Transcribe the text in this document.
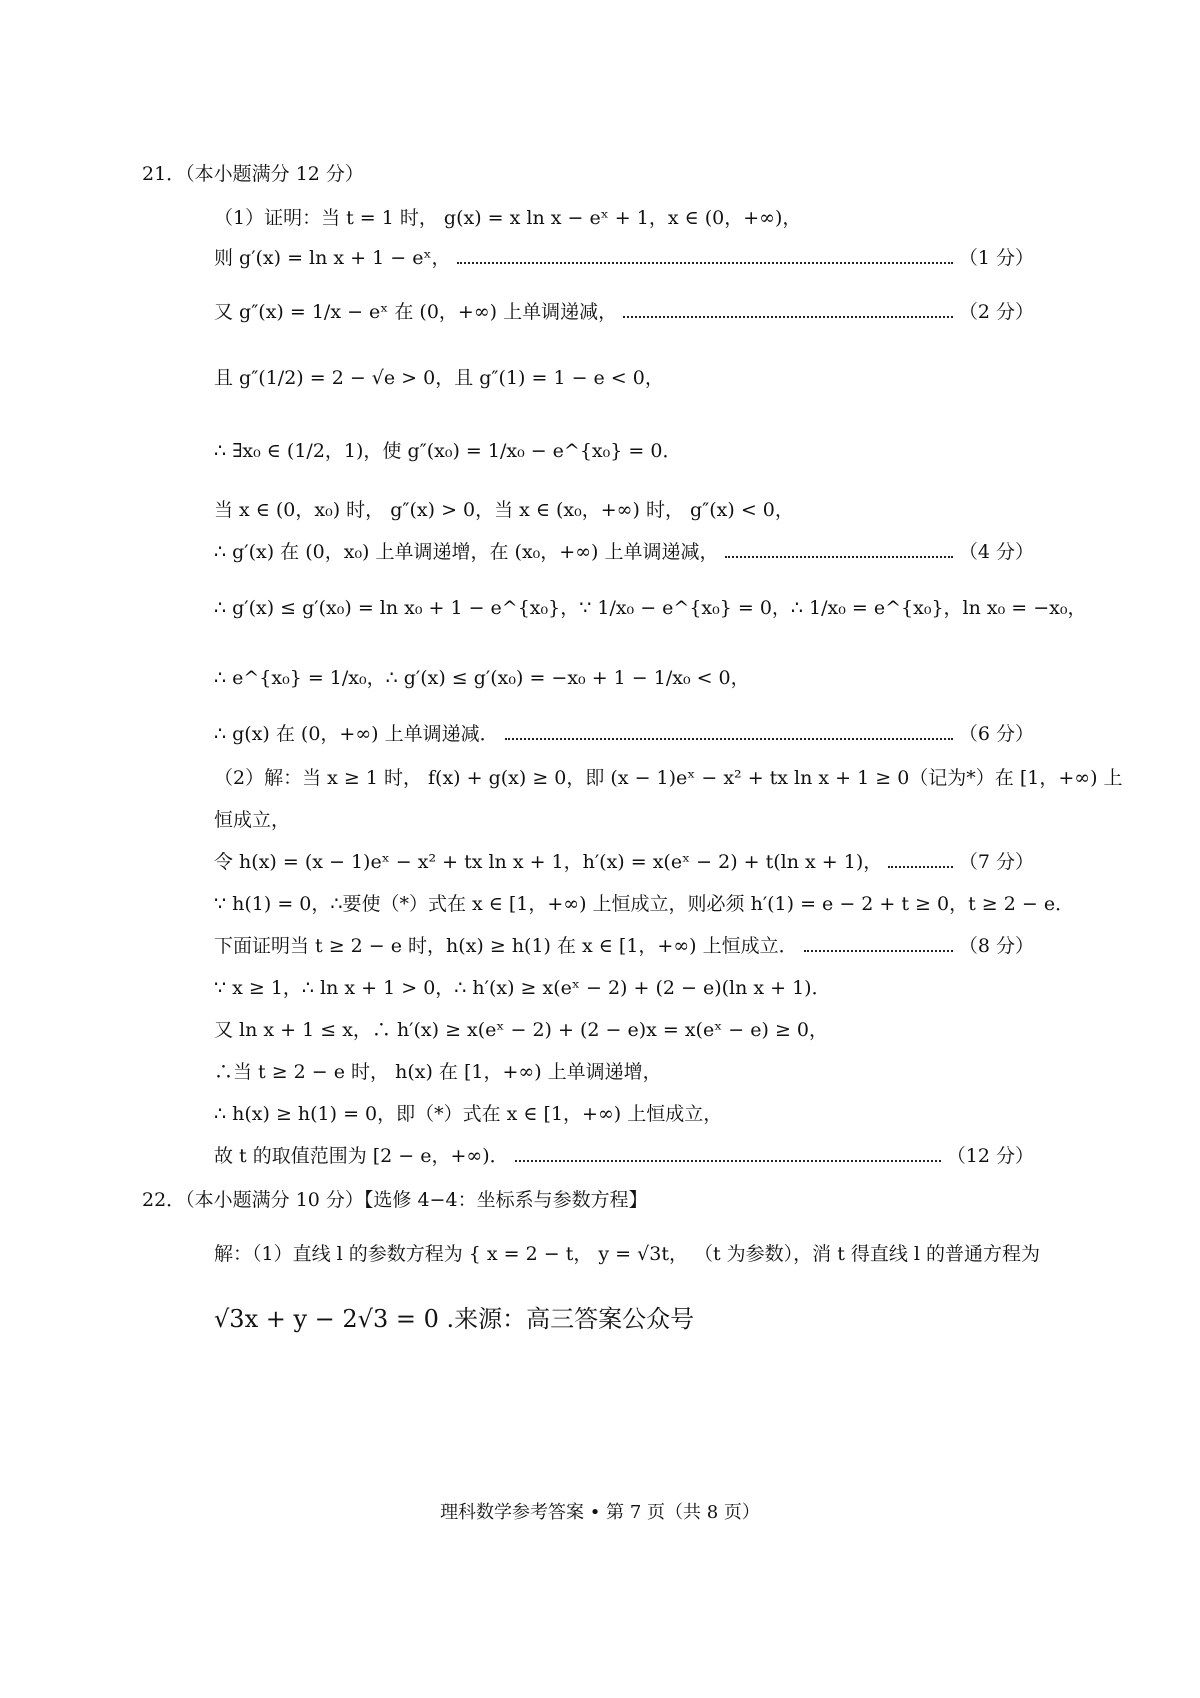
21．（本小题满分 12 分）
（1）证明：当 t = 1 时， g(x) = x ln x − eˣ + 1，x ∈ (0，+∞)，
则 g′(x) = ln x + 1 − eˣ，	（1 分）
又 g″(x) = 1/x − eˣ 在 (0，+∞) 上单调递减，	（2 分）
且 g″(1/2) = 2 − √e > 0，且 g″(1) = 1 − e < 0，
∴ ∃x₀ ∈ (1/2，1)，使 g″(x₀) = 1/x₀ − e^{x₀} = 0．
当 x ∈ (0，x₀) 时， g″(x) > 0，当 x ∈ (x₀，+∞) 时， g″(x) < 0，
∴ g′(x) 在 (0，x₀) 上单调递增，在 (x₀，+∞) 上单调递减，	（4 分）
∴ g′(x) ≤ g′(x₀) = ln x₀ + 1 − e^{x₀}，∵ 1/x₀ − e^{x₀} = 0，∴ 1/x₀ = e^{x₀}，ln x₀ = −x₀，
∴ e^{x₀} = 1/x₀，∴ g′(x) ≤ g′(x₀) = −x₀ + 1 − 1/x₀ < 0，
∴ g(x) 在 (0，+∞) 上单调递减．	（6 分）
（2）解：当 x ≥ 1 时， f(x) + g(x) ≥ 0，即 (x − 1)eˣ − x² + tx ln x + 1 ≥ 0（记为*）在 [1，+∞) 上
恒成立，
令 h(x) = (x − 1)eˣ − x² + tx ln x + 1，h′(x) = x(eˣ − 2) + t(ln x + 1)，	（7 分）
∵ h(1) = 0，∴要使（*）式在 x ∈ [1，+∞) 上恒成立，则必须 h′(1) = e − 2 + t ≥ 0，t ≥ 2 − e．
下面证明当 t ≥ 2 − e 时，h(x) ≥ h(1) 在 x ∈ [1，+∞) 上恒成立．	（8 分）
∵ x ≥ 1，∴ ln x + 1 > 0，∴ h′(x) ≥ x(eˣ − 2) + (2 − e)(ln x + 1)．
又 ln x + 1 ≤ x，∴ h′(x) ≥ x(eˣ − 2) + (2 − e)x = x(eˣ − e) ≥ 0，
∴当 t ≥ 2 − e 时， h(x) 在 [1，+∞) 上单调递增，
∴ h(x) ≥ h(1) = 0，即（*）式在 x ∈ [1，+∞) 上恒成立，
故 t 的取值范围为 [2 − e，+∞)．	（12 分）
22．（本小题满分 10 分）【选修 4−4：坐标系与参数方程】
解：（1）直线 l 的参数方程为 { x = 2 − t， y = √3t， （t 为参数），消 t 得直线 l 的普通方程为
√3x + y − 2√3 = 0 .来源：高三答案公众号
理科数学参考答案 • 第 7 页（共 8 页）
